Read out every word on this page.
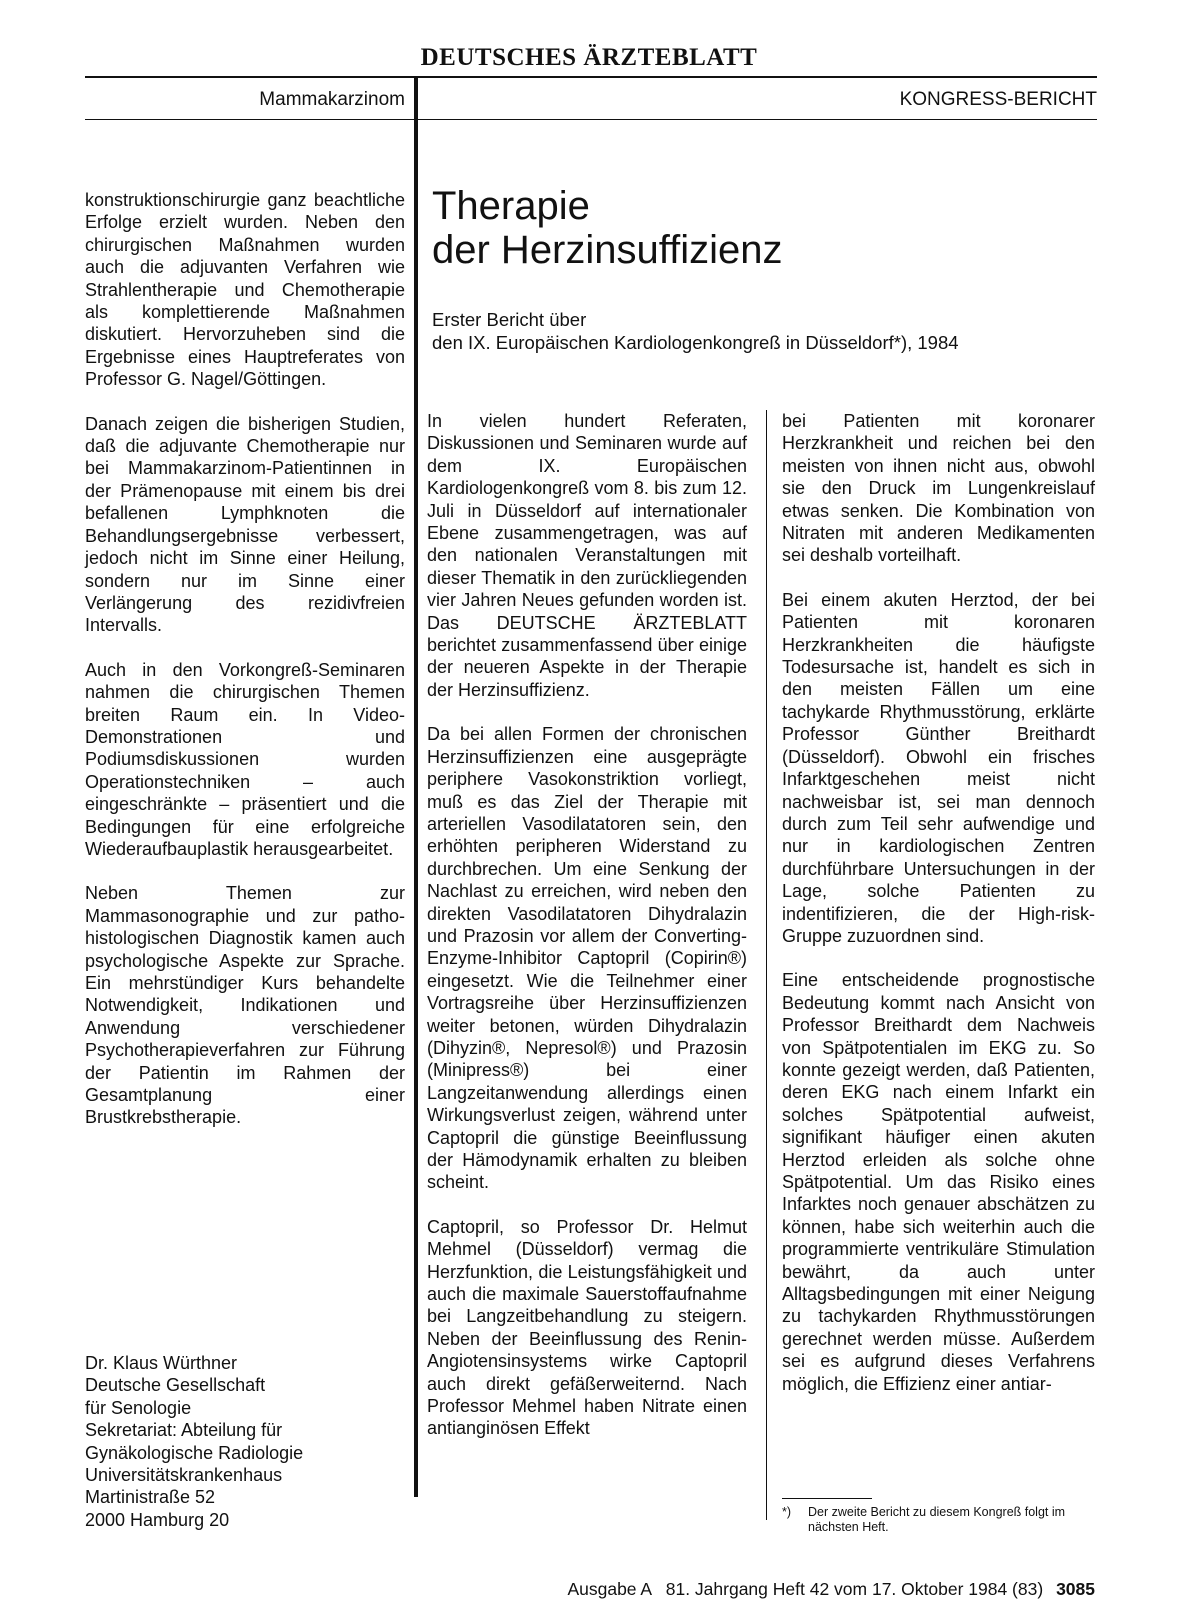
DEUTSCHES ÄRZTEBLATT
Mammakarzinom	KONGRESS-BERICHT

konstruktionschirurgie ganz beachtliche Erfolge erzielt wurden. Neben den chirurgischen Maßnahmen wurden auch die adjuvanten Verfahren wie Strahlentherapie und Chemotherapie als komplettierende Maßnahmen diskutiert. Hervorzuheben sind die Ergebnisse eines Hauptreferates von Professor G. Nagel/Göttingen.

Danach zeigen die bisherigen Studien, daß die adjuvante Chemotherapie nur bei Mammakarzinom-Patientinnen in der Prämenopause mit einem bis drei befallenen Lymphknoten die Behandlungsergebnisse verbessert, jedoch nicht im Sinne einer Heilung, sondern nur im Sinne einer Verlängerung des rezidivfreien Intervalls.

Auch in den Vorkongreß-Seminaren nahmen die chirurgischen Themen breiten Raum ein. In Video-Demonstrationen und Podiumsdiskussionen wurden Operationstechniken – auch eingeschränkte – präsentiert und die Bedingungen für eine erfolgreiche Wiederaufbauplastik herausgearbeitet.

Neben Themen zur Mammasonographie und zur patho-histologischen Diagnostik kamen auch psychologische Aspekte zur Sprache. Ein mehrstündiger Kurs behandelte Notwendigkeit, Indikationen und Anwendung verschiedener Psychotherapieverfahren zur Führung der Patientin im Rahmen der Gesamtplanung einer Brustkrebstherapie.

Dr. Klaus Würthner
Deutsche Gesellschaft
für Senologie
Sekretariat: Abteilung für
Gynäkologische Radiologie
Universitätskrankenhaus
Martinistraße 52
2000 Hamburg 20
Therapie
der Herzinsuffizienz
Erster Bericht über
den IX. Europäischen Kardiologenkongreß in Düsseldorf*), 1984

In vielen hundert Referaten, Diskussionen und Seminaren wurde auf dem IX. Europäischen Kardiologenkongreß vom 8. bis zum 12. Juli in Düsseldorf auf internationaler Ebene zusammengetragen, was auf den nationalen Veranstaltungen mit dieser Thematik in den zurückliegenden vier Jahren Neues gefunden worden ist. Das DEUTSCHE ÄRZTEBLATT berichtet zusammenfassend über einige der neueren Aspekte in der Therapie der Herzinsuffizienz.

Da bei allen Formen der chronischen Herzinsuffizienzen eine ausgeprägte periphere Vasokonstriktion vorliegt, muß es das Ziel der Therapie mit arteriellen Vasodilatatoren sein, den erhöhten peripheren Widerstand zu durchbrechen. Um eine Senkung der Nachlast zu erreichen, wird neben den direkten Vasodilatatoren Dihydralazin und Prazosin vor allem der Converting-Enzyme-Inhibitor Captopril (Copirin®) eingesetzt. Wie die Teilnehmer einer Vortragsreihe über Herzinsuffizienzen weiter betonen, würden Dihydralazin (Dihyzin®, Nepresol®) und Prazosin (Minipress®) bei einer Langzeitanwendung allerdings einen Wirkungsverlust zeigen, während unter Captopril die günstige Beeinflussung der Hämodynamik erhalten zu bleiben scheint.

Captopril, so Professor Dr. Helmut Mehmel (Düsseldorf) vermag die Herzfunktion, die Leistungsfähigkeit und auch die maximale Sauerstoffaufnahme bei Langzeitbehandlung zu steigern. Neben der Beeinflussung des Renin-Angiotensinsystems wirke Captopril auch direkt gefäßerweiternd. Nach Professor Mehmel haben Nitrate einen antianginösen Effekt

bei Patienten mit koronarer Herzkrankheit und reichen bei den meisten von ihnen nicht aus, obwohl sie den Druck im Lungenkreislauf etwas senken. Die Kombination von Nitraten mit anderen Medikamenten sei deshalb vorteilhaft.

Bei einem akuten Herztod, der bei Patienten mit koronaren Herzkrankheiten die häufigste Todesursache ist, handelt es sich in den meisten Fällen um eine tachykarde Rhythmusstörung, erklärte Professor Günther Breithardt (Düsseldorf). Obwohl ein frisches Infarktgeschehen meist nicht nachweisbar ist, sei man dennoch durch zum Teil sehr aufwendige und nur in kardiologischen Zentren durchführbare Untersuchungen in der Lage, solche Patienten zu indentifizieren, die der High-risk-Gruppe zuzuordnen sind.

Eine entscheidende prognostische Bedeutung kommt nach Ansicht von Professor Breithardt dem Nachweis von Spätpotentialen im EKG zu. So konnte gezeigt werden, daß Patienten, deren EKG nach einem Infarkt ein solches Spätpotential aufweist, signifikant häufiger einen akuten Herztod erleiden als solche ohne Spätpotential. Um das Risiko eines Infarktes noch genauer abschätzen zu können, habe sich weiterhin auch die programmierte ventrikuläre Stimulation bewährt, da auch unter Alltagsbedingungen mit einer Neigung zu tachykarden Rhythmusstörungen gerechnet werden müsse. Außerdem sei es aufgrund dieses Verfahrens möglich, die Effizienz einer antiar-

*)	Der zweite Bericht zu diesem Kongreß folgt im nächsten Heft.
Ausgabe A   81. Jahrgang Heft 42 vom 17. Oktober 1984 (83) 3085
